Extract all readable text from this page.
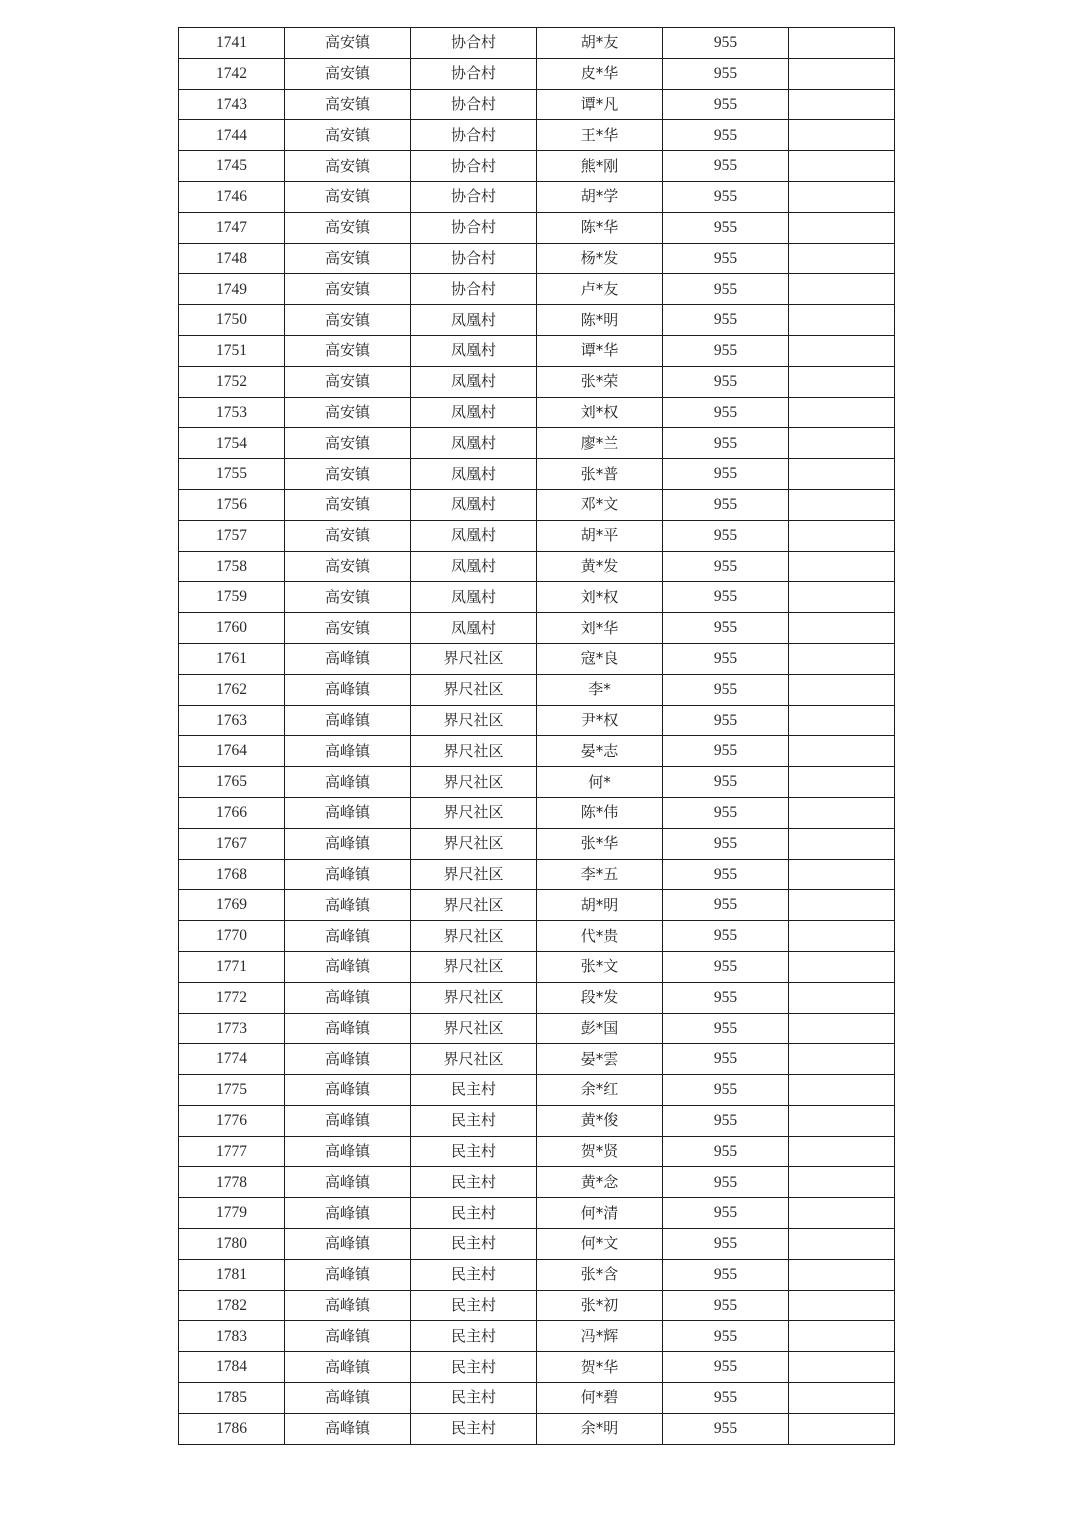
1741	高安镇	协合村	胡*友	955	
1742	高安镇	协合村	皮*华	955	
1743	高安镇	协合村	谭*凡	955	
1744	高安镇	协合村	王*华	955	
1745	高安镇	协合村	熊*刚	955	
1746	高安镇	协合村	胡*学	955	
1747	高安镇	协合村	陈*华	955	
1748	高安镇	协合村	杨*发	955	
1749	高安镇	协合村	卢*友	955	
1750	高安镇	凤凰村	陈*明	955	
1751	高安镇	凤凰村	谭*华	955	
1752	高安镇	凤凰村	张*荣	955	
1753	高安镇	凤凰村	刘*权	955	
1754	高安镇	凤凰村	廖*兰	955	
1755	高安镇	凤凰村	张*普	955	
1756	高安镇	凤凰村	邓*文	955	
1757	高安镇	凤凰村	胡*平	955	
1758	高安镇	凤凰村	黄*发	955	
1759	高安镇	凤凰村	刘*权	955	
1760	高安镇	凤凰村	刘*华	955	
1761	高峰镇	界尺社区	寇*良	955	
1762	高峰镇	界尺社区	李*	955	
1763	高峰镇	界尺社区	尹*权	955	
1764	高峰镇	界尺社区	晏*志	955	
1765	高峰镇	界尺社区	何*	955	
1766	高峰镇	界尺社区	陈*伟	955	
1767	高峰镇	界尺社区	张*华	955	
1768	高峰镇	界尺社区	李*五	955	
1769	高峰镇	界尺社区	胡*明	955	
1770	高峰镇	界尺社区	代*贵	955	
1771	高峰镇	界尺社区	张*文	955	
1772	高峰镇	界尺社区	段*发	955	
1773	高峰镇	界尺社区	彭*国	955	
1774	高峰镇	界尺社区	晏*雲	955	
1775	高峰镇	民主村	余*红	955	
1776	高峰镇	民主村	黄*俊	955	
1777	高峰镇	民主村	贺*贤	955	
1778	高峰镇	民主村	黄*念	955	
1779	高峰镇	民主村	何*清	955	
1780	高峰镇	民主村	何*文	955	
1781	高峰镇	民主村	张*含	955	
1782	高峰镇	民主村	张*初	955	
1783	高峰镇	民主村	冯*辉	955	
1784	高峰镇	民主村	贺*华	955	
1785	高峰镇	民主村	何*碧	955	
1786	高峰镇	民主村	余*明	955	
